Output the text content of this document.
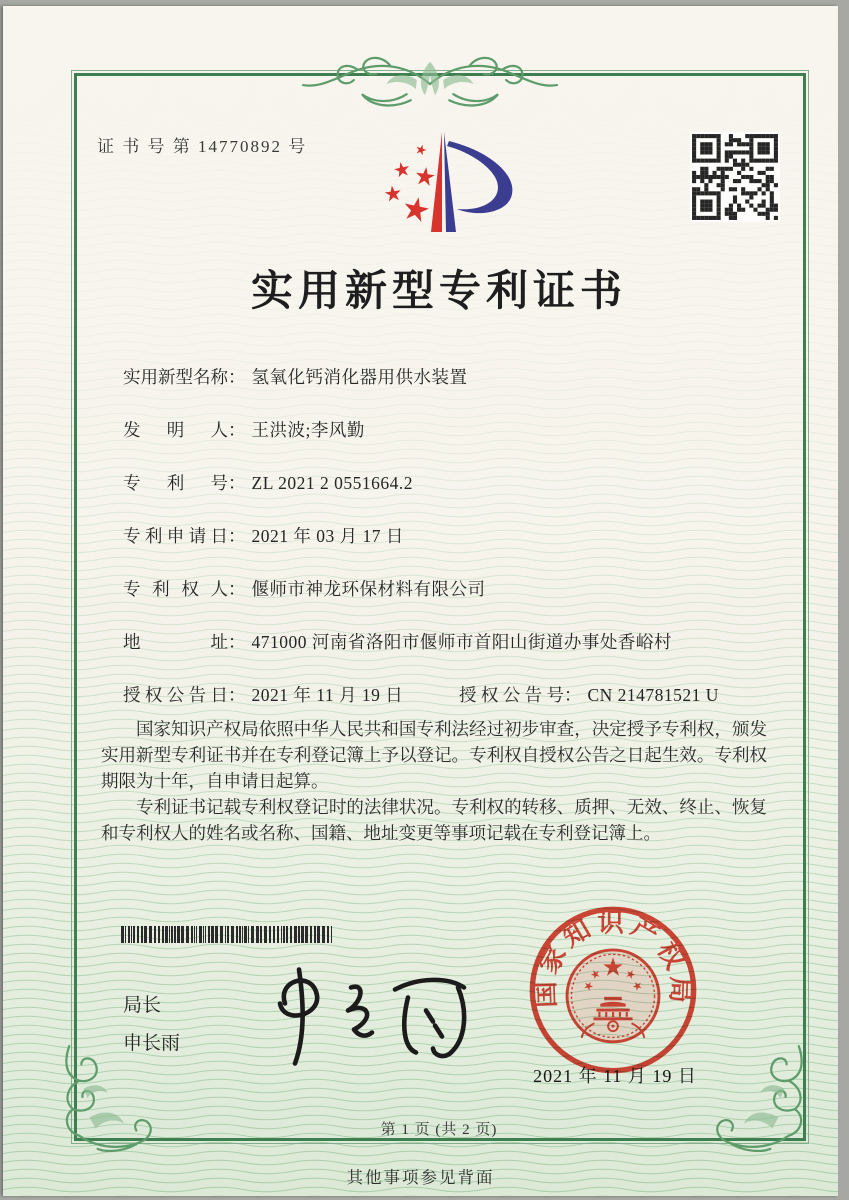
证 书 号 第 14770892 号
实用新型专利证书
实用新型名称： 氢氧化钙消化器用供水装置
发明人： 王洪波;李风勤
专利号： ZL 2021 2 0551664.2
专利申请日： 2021 年 03 月 17 日
专利权人： 偃师市神龙环保材料有限公司
地址： 471000 河南省洛阳市偃师市首阳山街道办事处香峪村
授权公告日： 2021 年 11 月 19 日	授权公告号： CN 214781521 U

国家知识产权局依照中华人民共和国专利法经过初步审查，决定授予专利权，颁发实用新型专利证书并在专利登记簿上予以登记。专利权自授权公告之日起生效。专利权期限为十年，自申请日起算。

专利证书记载专利权登记时的法律状况。专利权的转移、质押、无效、终止、恢复和专利权人的姓名或名称、国籍、地址变更等事项记载在专利登记簿上。

局长
申长雨
国家知识产权局
2021 年 11 月 19 日
第 1 页 (共 2 页)
其他事项参见背面
